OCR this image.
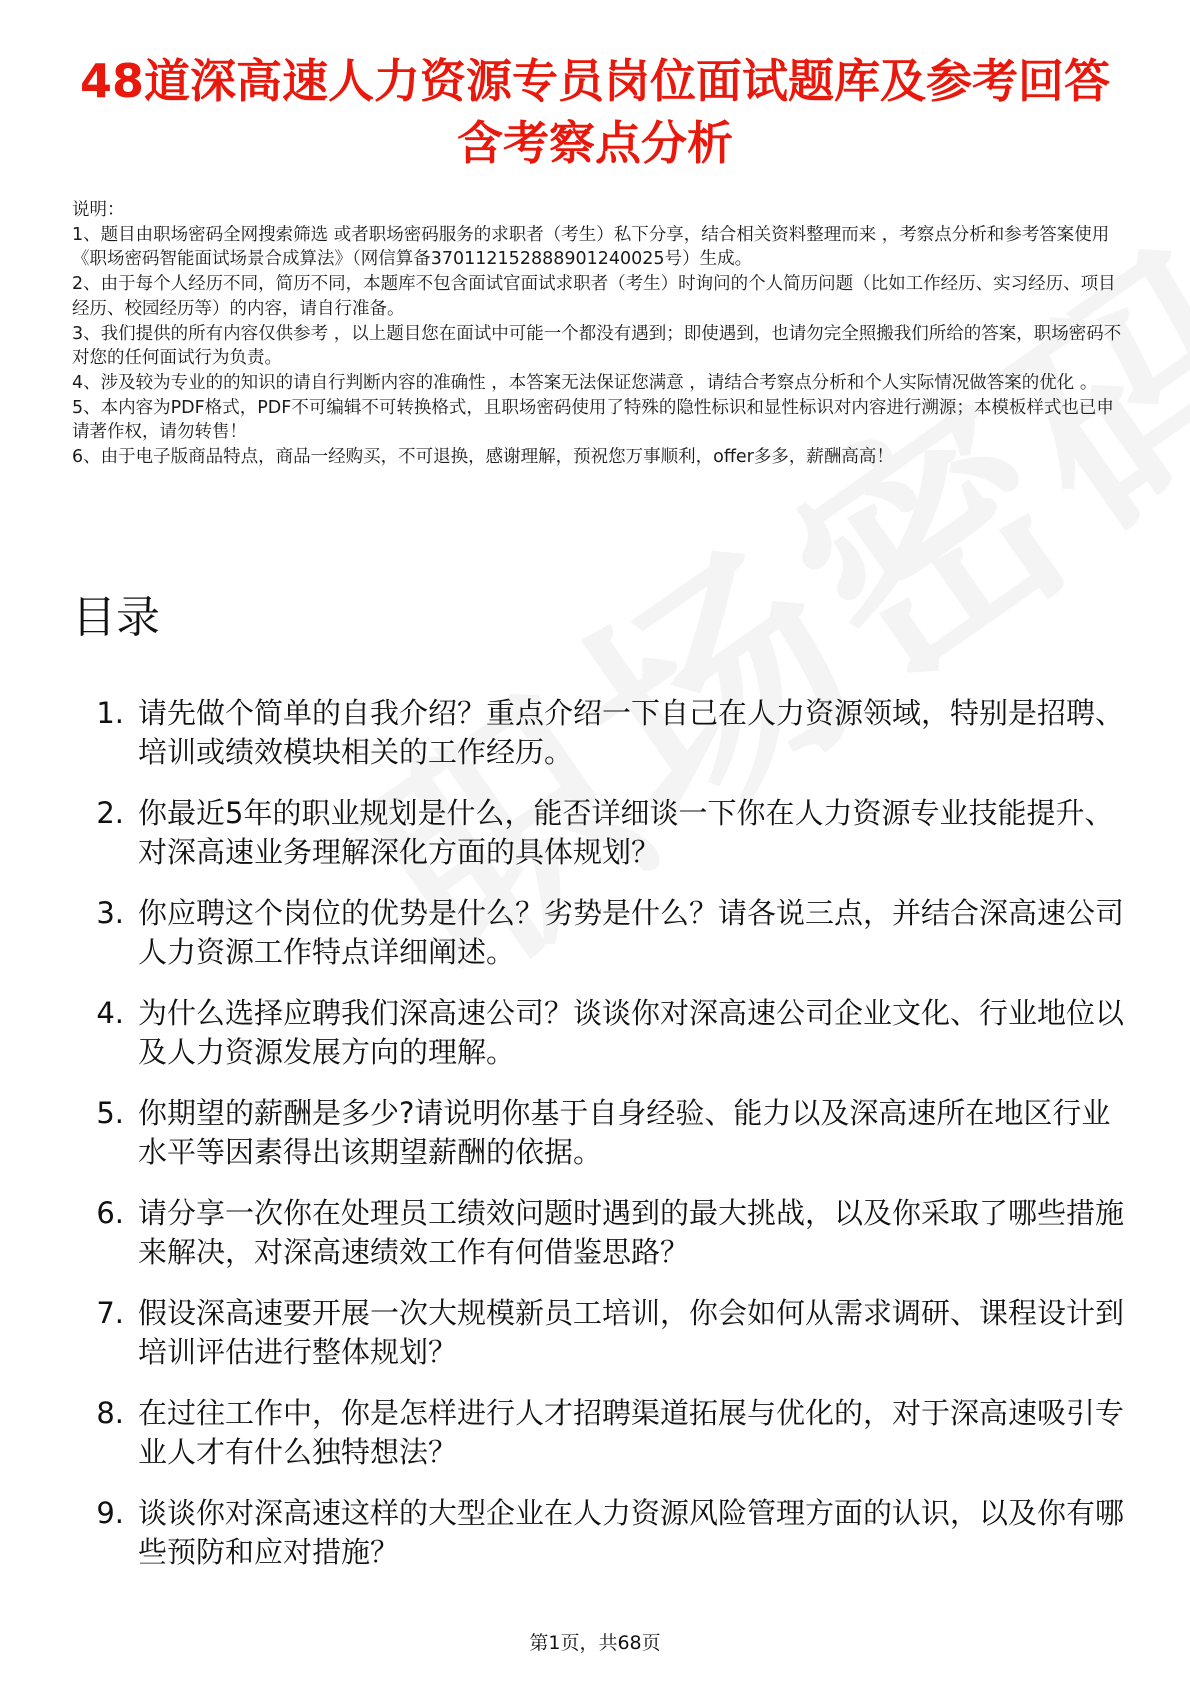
48道深高速人力资源专员岗位面试题库及参考回答含考察点分析

说明：

1、题目由职场密码全网搜索筛选 或者职场密码服务的求职者（考生）私下分享，结合相关资料整理而来 ，考察点分析和参考答案使用《职场密码智能面试场景合成算法》（网信算备370112152888901240025号）生成。

2、由于每个人经历不同，简历不同，本题库不包含面试官面试求职者（考生）时询问的个人简历问题（比如工作经历、实习经历、项目经历、校园经历等）的内容，请自行准备。

3、我们提供的所有内容仅供参考 ，以上题目您在面试中可能一个都没有遇到；即使遇到，也请勿完全照搬我们所给的答案，职场密码不对您的任何面试行为负责。

4、涉及较为专业的的知识的请自行判断内容的准确性 ，本答案无法保证您满意 ，请结合考察点分析和个人实际情况做答案的优化 。

5、本内容为PDF格式，PDF不可编辑不可转换格式，且职场密码使用了特殊的隐性标识和显性标识对内容进行溯源；本模板样式也已申请著作权，请勿转售！

6、由于电子版商品特点，商品一经购买，不可退换，感谢理解，预祝您万事顺利，offer多多，薪酬高高！

目录
1. 请先做个简单的自我介绍？重点介绍一下自己在人力资源领域，特别是招聘、培训或绩效模块相关的工作经历。
2. 你最近5年的职业规划是什么，能否详细谈一下你在人力资源专业技能提升、对深高速业务理解深化方面的具体规划？
3. 你应聘这个岗位的优势是什么？劣势是什么？请各说三点，并结合深高速公司人力资源工作特点详细阐述。
4. 为什么选择应聘我们深高速公司？谈谈你对深高速公司企业文化、行业地位以及人力资源发展方向的理解。
5. 你期望的薪酬是多少?请说明你基于自身经验、能力以及深高速所在地区行业水平等因素得出该期望薪酬的依据。
6. 请分享一次你在处理员工绩效问题时遇到的最大挑战，以及你采取了哪些措施来解决，对深高速绩效工作有何借鉴思路？
7. 假设深高速要开展一次大规模新员工培训，你会如何从需求调研、课程设计到培训评估进行整体规划？
8. 在过往工作中，你是怎样进行人才招聘渠道拓展与优化的，对于深高速吸引专业人才有什么独特想法？
9. 谈谈你对深高速这样的大型企业在人力资源风险管理方面的认识，以及你有哪些预防和应对措施？
第1页，共68页
